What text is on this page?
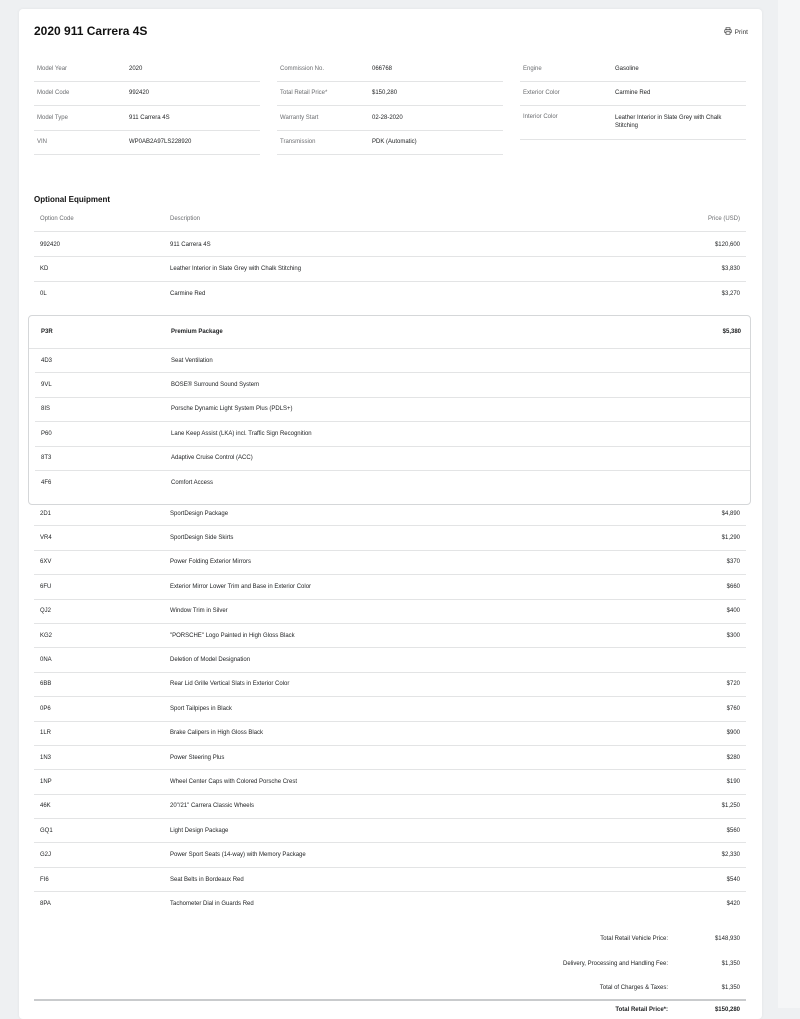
2020 911 Carrera 4S	Print
Model Year	2020
Model Code	992420
Model Type	911 Carrera 4S
VIN	WP0AB2A97LS228920
Commission No.	066768
Total Retail Price*	$150,280
Warranty Start	02-28-2020
Transmission	PDK (Automatic)
Engine	Gasoline
Exterior Color	Carmine Red
Interior Color	Leather Interior in Slate Grey with Chalk Stitching
Optional Equipment
Option Code	Description	Price (USD)
992420	911 Carrera 4S	$120,600
KD	Leather Interior in Slate Grey with Chalk Stitching	$3,830
0L	Carmine Red	$3,270
P3R	Premium Package	$5,380
4D3	Seat Ventilation
9VL	BOSE® Surround Sound System
8IS	Porsche Dynamic Light System Plus (PDLS+)
P60	Lane Keep Assist (LKA) incl. Traffic Sign Recognition
8T3	Adaptive Cruise Control (ACC)
4F6	Comfort Access
2D1	SportDesign Package	$4,890
VR4	SportDesign Side Skirts	$1,290
6XV	Power Folding Exterior Mirrors	$370
6FU	Exterior Mirror Lower Trim and Base in Exterior Color	$660
QJ2	Window Trim in Silver	$400
KG2	"PORSCHE" Logo Painted in High Gloss Black	$300
0NA	Deletion of Model Designation
6BB	Rear Lid Grille Vertical Slats in Exterior Color	$720
0P6	Sport Tailpipes in Black	$760
1LR	Brake Calipers in High Gloss Black	$900
1N3	Power Steering Plus	$280
1NP	Wheel Center Caps with Colored Porsche Crest	$190
46K	20"/21" Carrera Classic Wheels	$1,250
GQ1	Light Design Package	$560
G2J	Power Sport Seats (14-way) with Memory Package	$2,330
FI6	Seat Belts in Bordeaux Red	$540
8PA	Tachometer Dial in Guards Red	$420
Total Retail Vehicle Price:	$148,930
Delivery, Processing and Handling Fee:	$1,350
Total of Charges & Taxes:	$1,350
Total Retail Price*:	$150,280
